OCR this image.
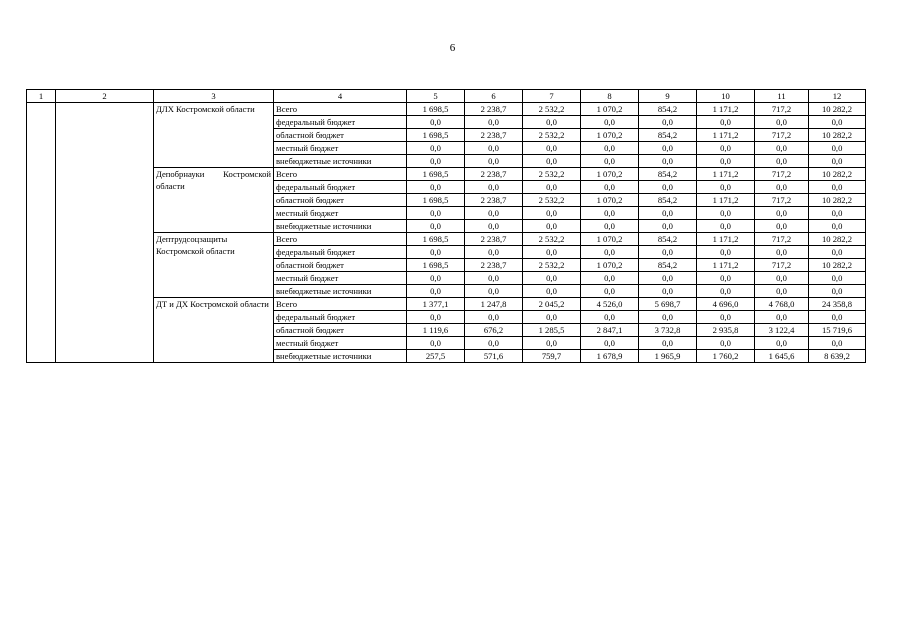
6
1	2	3	4	5	6	7	8	9	10	11	12
		ДЛХ Костромской области	Всего	1 698,5	2 238,7	2 532,2	1 070,2	854,2	1 171,2	717,2	10 282,2
			федеральный бюджет	0,0	0,0	0,0	0,0	0,0	0,0	0,0	0,0
			областной бюджет	1 698,5	2 238,7	2 532,2	1 070,2	854,2	1 171,2	717,2	10 282,2
			местный бюджет	0,0	0,0	0,0	0,0	0,0	0,0	0,0	0,0
			внебюджетные источники	0,0	0,0	0,0	0,0	0,0	0,0	0,0	0,0
		Депобрнауки Костромской области	Всего	1 698,5	2 238,7	2 532,2	1 070,2	854,2	1 171,2	717,2	10 282,2
			федеральный бюджет	0,0	0,0	0,0	0,0	0,0	0,0	0,0	0,0
			областной бюджет	1 698,5	2 238,7	2 532,2	1 070,2	854,2	1 171,2	717,2	10 282,2
			местный бюджет	0,0	0,0	0,0	0,0	0,0	0,0	0,0	0,0
			внебюджетные источники	0,0	0,0	0,0	0,0	0,0	0,0	0,0	0,0
		Дептрудсоцзащиты Костромской области	Всего	1 698,5	2 238,7	2 532,2	1 070,2	854,2	1 171,2	717,2	10 282,2
			федеральный бюджет	0,0	0,0	0,0	0,0	0,0	0,0	0,0	0,0
			областной бюджет	1 698,5	2 238,7	2 532,2	1 070,2	854,2	1 171,2	717,2	10 282,2
			местный бюджет	0,0	0,0	0,0	0,0	0,0	0,0	0,0	0,0
			внебюджетные источники	0,0	0,0	0,0	0,0	0,0	0,0	0,0	0,0
		ДТ и ДХ Костромской области	Всего	1 377,1	1 247,8	2 045,2	4 526,0	5 698,7	4 696,0	4 768,0	24 358,8
			федеральный бюджет	0,0	0,0	0,0	0,0	0,0	0,0	0,0	0,0
			областной бюджет	1 119,6	676,2	1 285,5	2 847,1	3 732,8	2 935,8	3 122,4	15 719,6
			местный бюджет	0,0	0,0	0,0	0,0	0,0	0,0	0,0	0,0
			внебюджетные источники	257,5	571,6	759,7	1 678,9	1 965,9	1 760,2	1 645,6	8 639,2
